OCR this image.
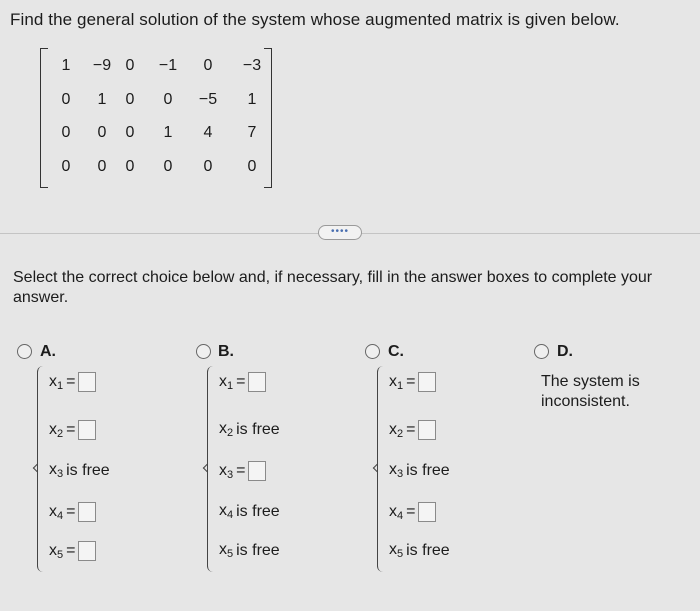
Find the general solution of the system whose augmented matrix is given below.
1 −9 0 −1 0 −3
0 1 0 0 −5 1
0 0 0 1 4 7
0 0 0 0 0 0
••••
Select the correct choice below and, if necessary, fill in the answer boxes to complete your answer.
A.	B.	C.	D.
The system is
inconsistent.
$x_1$ =
$x_2$ =
$x_3$ is free
$x_4$ =
$x_5$ =
$x_1$ =
$x_2$ is free
$x_3$ =
$x_4$ is free
$x_5$ is free
$x_1$ =
$x_2$ =
$x_3$ is free
$x_4$ =
$x_5$ is free
